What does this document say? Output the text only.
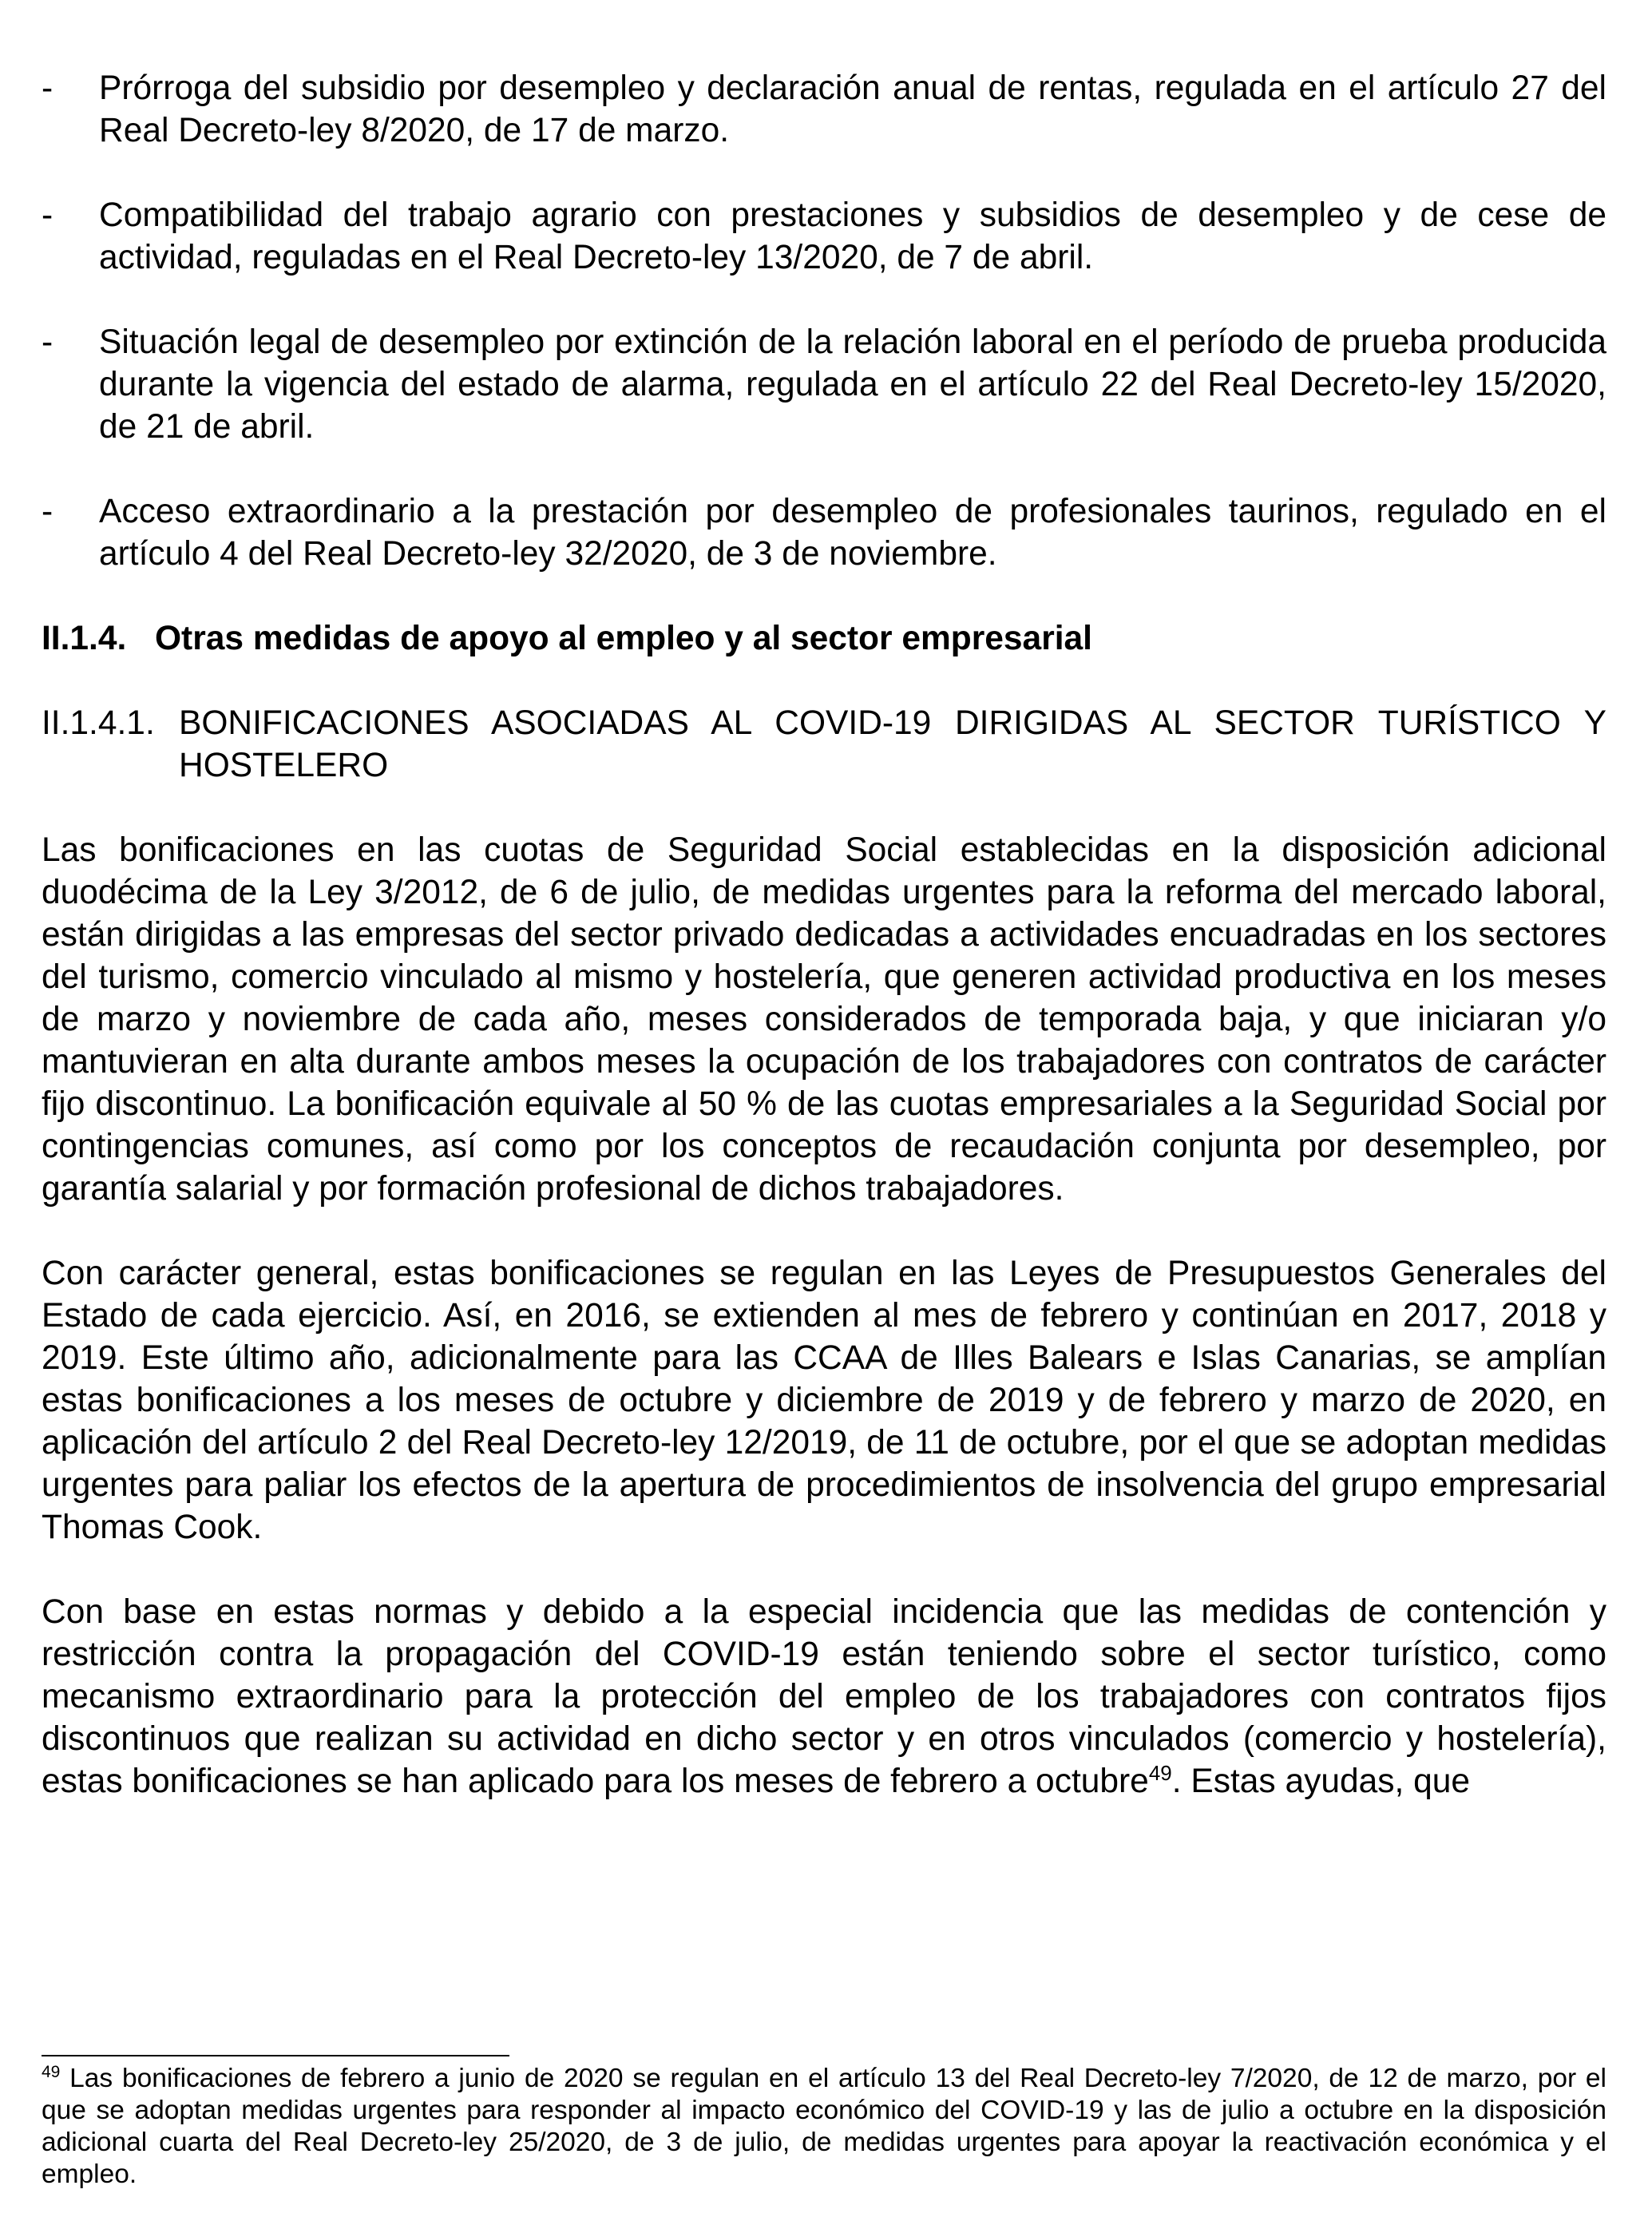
- Prórroga del subsidio por desempleo y declaración anual de rentas, regulada en el artículo 27 del Real Decreto-ley 8/2020, de 17 de marzo.
- Compatibilidad del trabajo agrario con prestaciones y subsidios de desempleo y de cese de actividad, reguladas en el Real Decreto-ley 13/2020, de 7 de abril.
- Situación legal de desempleo por extinción de la relación laboral en el período de prueba producida durante la vigencia del estado de alarma, regulada en el artículo 22 del Real Decreto-ley 15/2020, de 21 de abril.
- Acceso extraordinario a la prestación por desempleo de profesionales taurinos, regulado en el artículo 4 del Real Decreto-ley 32/2020, de 3 de noviembre.
II.1.4. Otras medidas de apoyo al empleo y al sector empresarial
II.1.4.1. BONIFICACIONES ASOCIADAS AL COVID-19 DIRIGIDAS AL SECTOR TURÍSTICO Y HOSTELERO

Las bonificaciones en las cuotas de Seguridad Social establecidas en la disposición adicional duodécima de la Ley 3/2012, de 6 de julio, de medidas urgentes para la reforma del mercado laboral, están dirigidas a las empresas del sector privado dedicadas a actividades encuadradas en los sectores del turismo, comercio vinculado al mismo y hostelería, que generen actividad productiva en los meses de marzo y noviembre de cada año, meses considerados de temporada baja, y que iniciaran y/o mantuvieran en alta durante ambos meses la ocupación de los trabajadores con contratos de carácter fijo discontinuo. La bonificación equivale al 50 % de las cuotas empresariales a la Seguridad Social por contingencias comunes, así como por los conceptos de recaudación conjunta por desempleo, por garantía salarial y por formación profesional de dichos trabajadores.

Con carácter general, estas bonificaciones se regulan en las Leyes de Presupuestos Generales del Estado de cada ejercicio. Así, en 2016, se extienden al mes de febrero y continúan en 2017, 2018 y 2019. Este último año, adicionalmente para las CCAA de Illes Balears e Islas Canarias, se amplían estas bonificaciones a los meses de octubre y diciembre de 2019 y de febrero y marzo de 2020, en aplicación del artículo 2 del Real Decreto-ley 12/2019, de 11 de octubre, por el que se adoptan medidas urgentes para paliar los efectos de la apertura de procedimientos de insolvencia del grupo empresarial Thomas Cook.

Con base en estas normas y debido a la especial incidencia que las medidas de contención y restricción contra la propagación del COVID-19 están teniendo sobre el sector turístico, como mecanismo extraordinario para la protección del empleo de los trabajadores con contratos fijos discontinuos que realizan su actividad en dicho sector y en otros vinculados (comercio y hostelería), estas bonificaciones se han aplicado para los meses de febrero a octubre$^{49}$. Estas ayudas, que

$^{49}$ Las bonificaciones de febrero a junio de 2020 se regulan en el artículo 13 del Real Decreto-ley 7/2020, de 12 de marzo, por el que se adoptan medidas urgentes para responder al impacto económico del COVID-19 y las de julio a octubre en la disposición adicional cuarta del Real Decreto-ley 25/2020, de 3 de julio, de medidas urgentes para apoyar la reactivación económica y el empleo.
